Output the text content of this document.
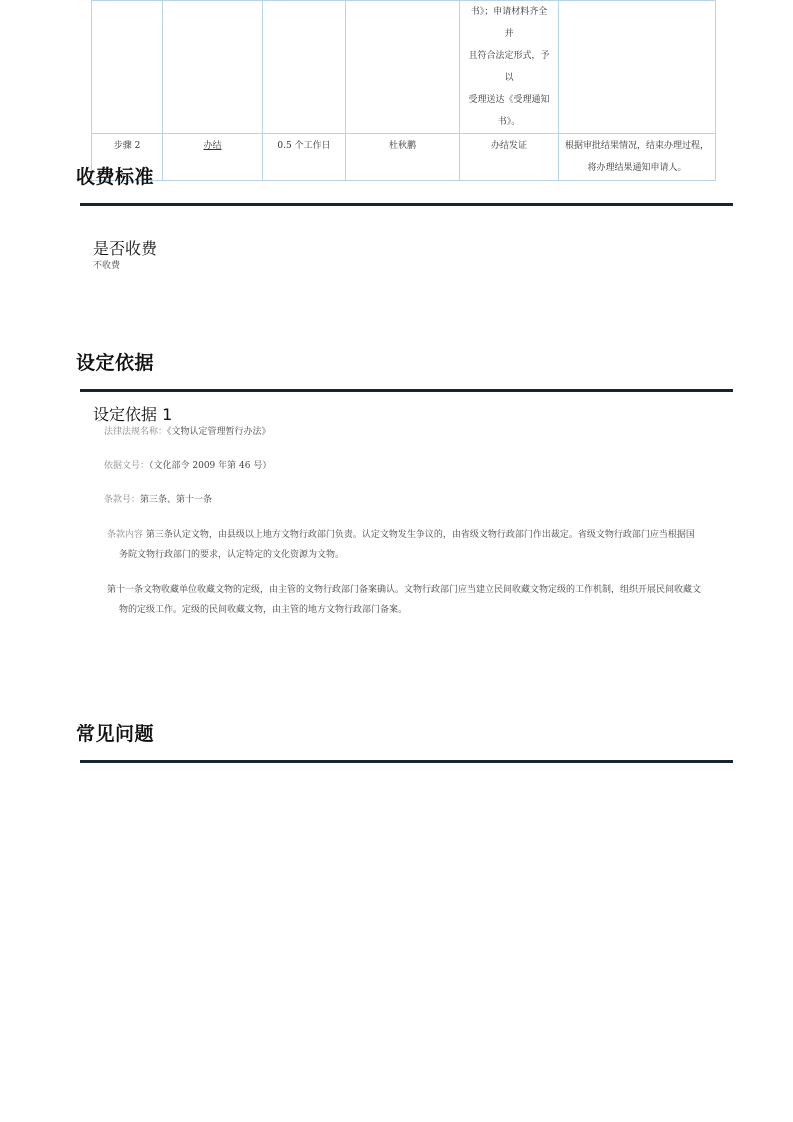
				书》；申请材料齐全并
且符合法定形式，予以
受理送达《受理通知
书》。	

步骤 2	办结	0.5 个工作日	杜秋鹏	办结发证	根据审批结果情况，结束办理过程，
将办理结果通知申请人。
收费标准
是否收费
不收费
设定依据
设定依据 1
法律法规名称：《文物认定管理暂行办法》
依据文号：（文化部令 2009 年第 46 号）
条款号：第三条、第十一条
条款内容 第三条认定文物，由县级以上地方文物行政部门负责。认定文物发生争议的，由省级文物行政部门作出裁定。省级文物行政部门应当根据国
务院文物行政部门的要求，认定特定的文化资源为文物。
第十一条文物收藏单位收藏文物的定级，由主管的文物行政部门备案确认。文物行政部门应当建立民间收藏文物定级的工作机制，组织开展民间收藏文
物的定级工作。定级的民间收藏文物，由主管的地方文物行政部门备案。
常见问题
